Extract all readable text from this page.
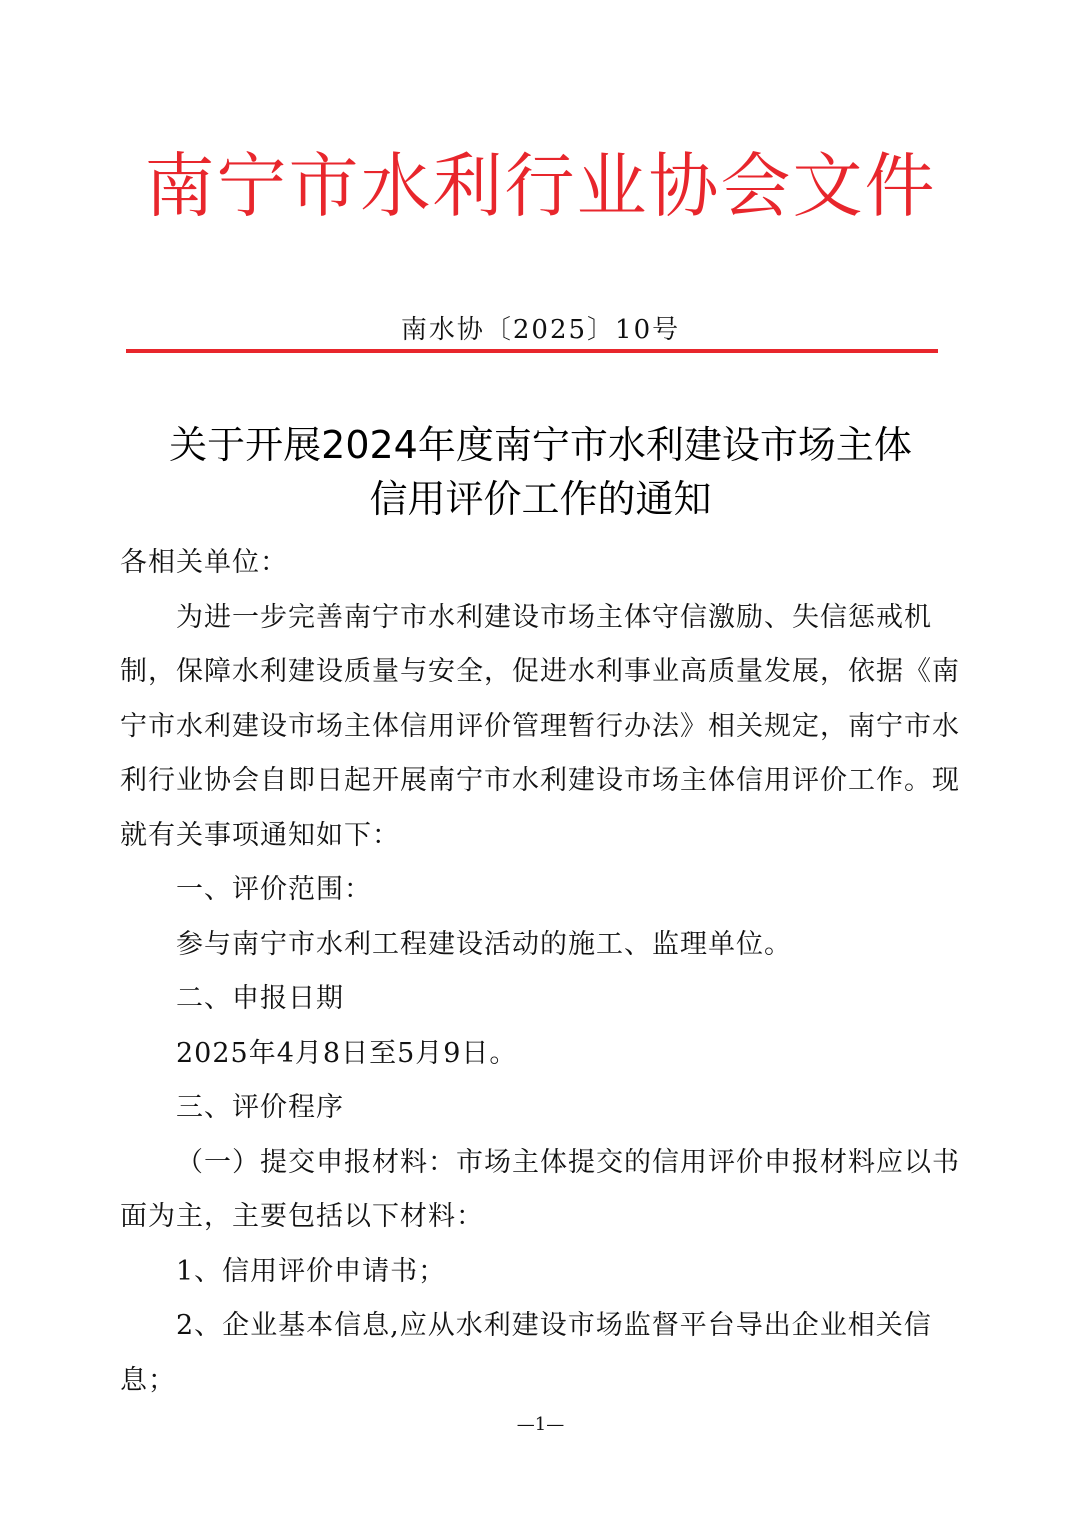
南宁市水利行业协会文件
南水协〔2025〕10号
关于开展2024年度南宁市水利建设市场主体
信用评价工作的通知

各相关单位：

为进一步完善南宁市水利建设市场主体守信激励、失信惩戒机制，保障水利建设质量与安全，促进水利事业高质量发展，依据《南宁市水利建设市场主体信用评价管理暂行办法》相关规定，南宁市水利行业协会自即日起开展南宁市水利建设市场主体信用评价工作。现就有关事项通知如下：

一、评价范围：

参与南宁市水利工程建设活动的施工、监理单位。

二、申报日期

2025年4月8日至5月9日。

三、评价程序

（一）提交申报材料：市场主体提交的信用评价申报材料应以书面为主，主要包括以下材料：

1、信用评价申请书；

2、企业基本信息,应从水利建设市场监督平台导出企业相关信息；

—1—
